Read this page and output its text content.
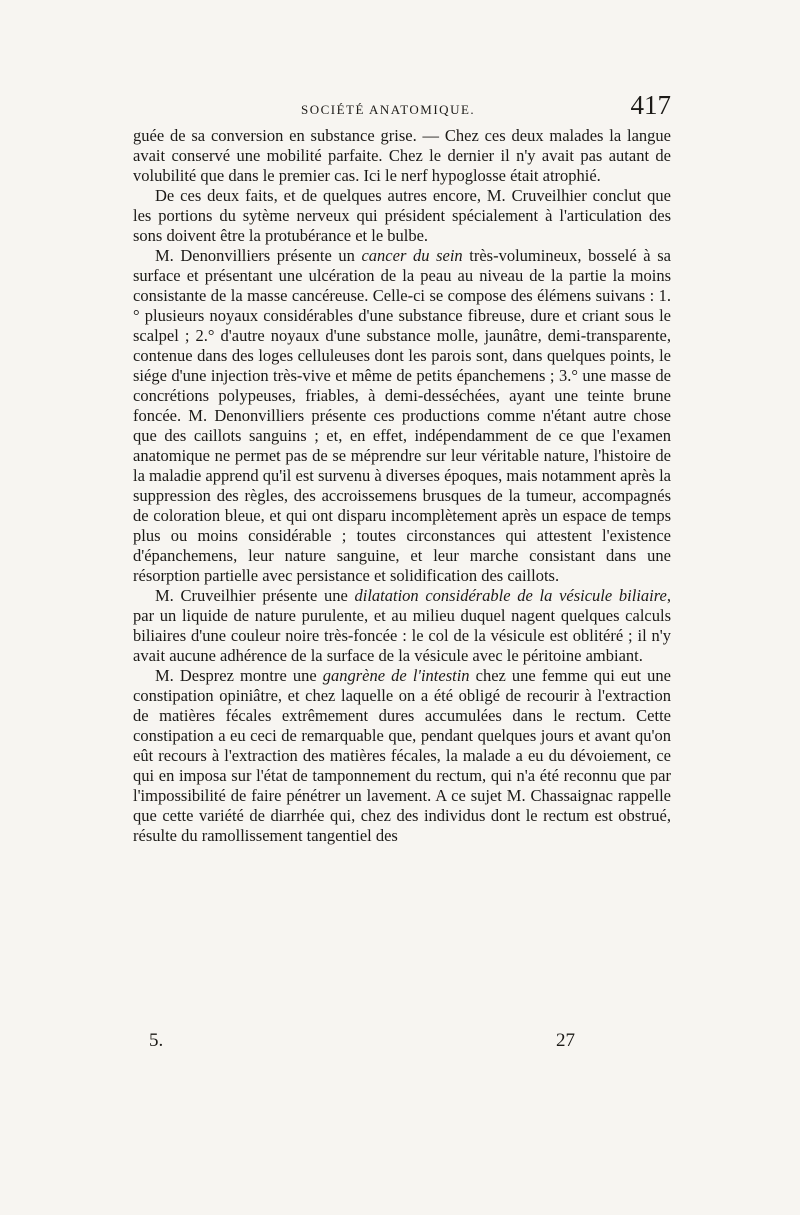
SOCIÉTÉ ANATOMIQUE.	417

guée de sa conversion en substance grise. — Chez ces deux malades la langue avait conservé une mobilité parfaite. Chez le dernier il n'y avait pas autant de volubilité que dans le premier cas. Ici le nerf hypoglosse était atrophié.

De ces deux faits, et de quelques autres encore, M. Cruveilhier conclut que les portions du sytème nerveux qui président spécialement à l'articulation des sons doivent être la protubérance et le bulbe.

M. Denonvilliers présente un cancer du sein très-volumineux, bosselé à sa surface et présentant une ulcération de la peau au niveau de la partie la moins consistante de la masse cancéreuse. Celle-ci se compose des élémens suivans : 1.° plusieurs noyaux considérables d'une substance fibreuse, dure et criant sous le scalpel ; 2.° d'autre noyaux d'une substance molle, jaunâtre, demi-transparente, contenue dans des loges celluleuses dont les parois sont, dans quelques points, le siége d'une injection très-vive et même de petits épanchemens ; 3.° une masse de concrétions polypeuses, friables, à demi-desséchées, ayant une teinte brune foncée. M. Denonvilliers présente ces productions comme n'étant autre chose que des caillots sanguins ; et, en effet, indépendamment de ce que l'examen anatomique ne permet pas de se méprendre sur leur véritable nature, l'histoire de la maladie apprend qu'il est survenu à diverses époques, mais notamment après la suppression des règles, des accroissemens brusques de la tumeur, accompagnés de coloration bleue, et qui ont disparu incomplètement après un espace de temps plus ou moins considérable ; toutes circonstances qui attestent l'existence d'épanchemens, leur nature sanguine, et leur marche consistant dans une résorption partielle avec persistance et solidification des caillots.

M. Cruveilhier présente une dilatation considérable de la vésicule biliaire, par un liquide de nature purulente, et au milieu duquel nagent quelques calculs biliaires d'une couleur noire très-foncée : le col de la vésicule est oblitéré ; il n'y avait aucune adhérence de la surface de la vésicule avec le péritoine ambiant.

M. Desprez montre une gangrène de l'intestin chez une femme qui eut une constipation opiniâtre, et chez laquelle on a été obligé de recourir à l'extraction de matières fécales extrêmement dures accumulées dans le rectum. Cette constipation a eu ceci de remarquable que, pendant quelques jours et avant qu'on eût recours à l'extraction des matières fécales, la malade a eu du dévoiement, ce qui en imposa sur l'état de tamponnement du rectum, qui n'a été reconnu que par l'impossibilité de faire pénétrer un lavement. A ce sujet M. Chassaignac rappelle que cette variété de diarrhée qui, chez des individus dont le rectum est obstrué, résulte du ramollissement tangentiel des

5.	27
